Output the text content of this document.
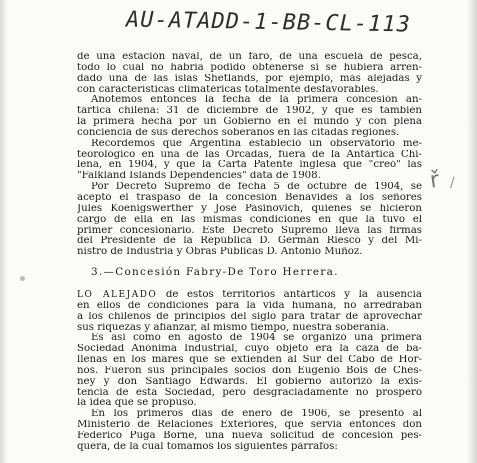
AU-ATADD-1-BB-CL-113
ř /
de una estación naval, de un faro, de una escuela de pesca,
todo lo cual no habría podido obtenerse si se hubiera arren-
dado una de las islas Shetlands, por ejemplo, más alejadas y
con características climatéricas totalmente desfavorables.
Anotemos entonces la fecha de la primera concesión an-
tártica chilena: 31 de diciembre de 1902, y que es también
la primera hecha por un Gobierno en el mundo y con plena
conciencia de sus derechos soberanos en las citadas regiones.
Recordemos que Argentina estableció un observatorio me-
teorológico en una de las Orcadas, fuera de la Antártica Chi-
lena, en 1904, y que la Carta Patente inglesa que "creó" las
"Falkland Islands Dependencies" data de 1908.
Por Decreto Supremo de fecha 5 de octubre de 1904, se
aceptó el traspaso de la concesión Benavides a los señores
Jules Koenigswerther y José Pasinovich, quienes se hicieron
cargo de ella en las mismas condiciones en que la tuvo el
primer concesionario. Este Decreto Supremo lleva las firmas
del Presidente de la República D. Germán Riesco y del Mi-
nistro de Industria y Obras Públicas D. Antonio Muñoz.
3.—Concesión Fabry-De Toro Herrera.
LO ALEJADO de estos territorios antárticos y la ausencia
en ellos de condiciones para la vida humana, no arredraban
a los chilenos de principios del siglo para tratar de aprovechar
sus riquezas y afianzar, al mismo tiempo, nuestra soberanía.
Es así como en agosto de 1904 se organizó una primera
Sociedad Anónima Industrial, cuyo objeto era la caza de ba-
llenas en los mares que se extienden al Sur del Cabo de Hor-
nos. Fueron sus principales socios don Eugenio Bois de Ches-
ney y don Santiago Edwards. El gobierno autorizó la exis-
tencia de esta Sociedad, pero desgraciadamente no prosperó
la idea que se propuso.
En los primeros días de enero de 1906, se presentó al
Ministerio de Relaciones Exteriores, que servía entonces don
Federico Puga Borne, una nueva solicitud de concesión pes-
quera, de la cual tomamos los siguientes párrafos:
